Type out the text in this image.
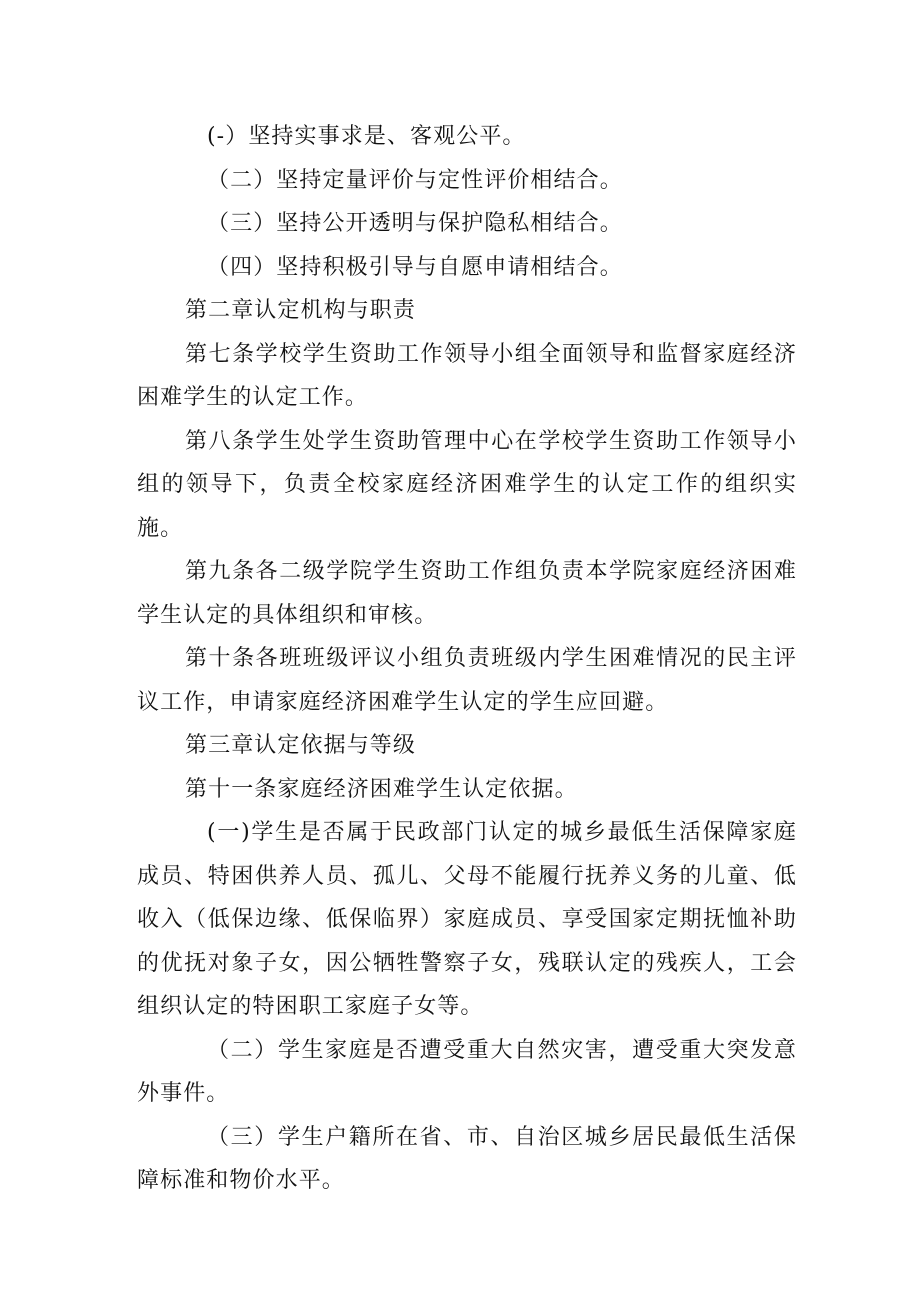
(-）坚持实事求是、客观公平。

（二）坚持定量评价与定性评价相结合。

（三）坚持公开透明与保护隐私相结合。

（四）坚持积极引导与自愿申请相结合。

第二章认定机构与职责

第七条学校学生资助工作领导小组全面领导和监督家庭经济困难学生的认定工作。

第八条学生处学生资助管理中心在学校学生资助工作领导小组的领导下，负责全校家庭经济困难学生的认定工作的组织实施。

第九条各二级学院学生资助工作组负责本学院家庭经济困难学生认定的具体组织和审核。

第十条各班班级评议小组负责班级内学生困难情况的民主评议工作，申请家庭经济困难学生认定的学生应回避。

第三章认定依据与等级

第十一条家庭经济困难学生认定依据。

(一)学生是否属于民政部门认定的城乡最低生活保障家庭成员、特困供养人员、孤儿、父母不能履行抚养义务的儿童、低收入（低保边缘、低保临界）家庭成员、享受国家定期抚恤补助的优抚对象子女，因公牺牲警察子女，残联认定的残疾人，工会组织认定的特困职工家庭子女等。

（二）学生家庭是否遭受重大自然灾害，遭受重大突发意外事件。

（三）学生户籍所在省、市、自治区城乡居民最低生活保障标准和物价水平。
